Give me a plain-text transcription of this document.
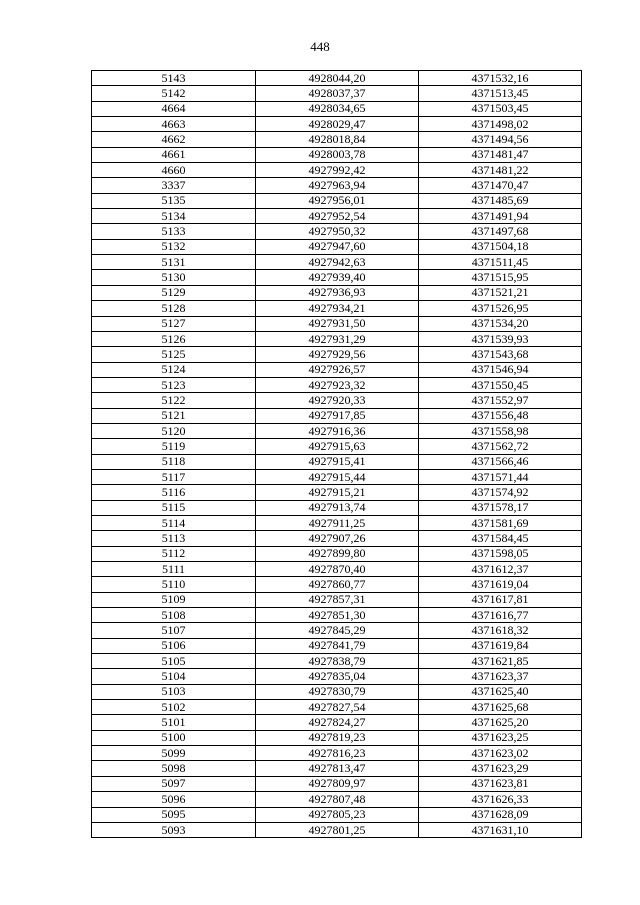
448
5143	4928044,20	4371532,16
5142	4928037,37	4371513,45
4664	4928034,65	4371503,45
4663	4928029,47	4371498,02
4662	4928018,84	4371494,56
4661	4928003,78	4371481,47
4660	4927992,42	4371481,22
3337	4927963,94	4371470,47
5135	4927956,01	4371485,69
5134	4927952,54	4371491,94
5133	4927950,32	4371497,68
5132	4927947,60	4371504,18
5131	4927942,63	4371511,45
5130	4927939,40	4371515,95
5129	4927936,93	4371521,21
5128	4927934,21	4371526,95
5127	4927931,50	4371534,20
5126	4927931,29	4371539,93
5125	4927929,56	4371543,68
5124	4927926,57	4371546,94
5123	4927923,32	4371550,45
5122	4927920,33	4371552,97
5121	4927917,85	4371556,48
5120	4927916,36	4371558,98
5119	4927915,63	4371562,72
5118	4927915,41	4371566,46
5117	4927915,44	4371571,44
5116	4927915,21	4371574,92
5115	4927913,74	4371578,17
5114	4927911,25	4371581,69
5113	4927907,26	4371584,45
5112	4927899,80	4371598,05
5111	4927870,40	4371612,37
5110	4927860,77	4371619,04
5109	4927857,31	4371617,81
5108	4927851,30	4371616,77
5107	4927845,29	4371618,32
5106	4927841,79	4371619,84
5105	4927838,79	4371621,85
5104	4927835,04	4371623,37
5103	4927830,79	4371625,40
5102	4927827,54	4371625,68
5101	4927824,27	4371625,20
5100	4927819,23	4371623,25
5099	4927816,23	4371623,02
5098	4927813,47	4371623,29
5097	4927809,97	4371623,81
5096	4927807,48	4371626,33
5095	4927805,23	4371628,09
5093	4927801,25	4371631,10
